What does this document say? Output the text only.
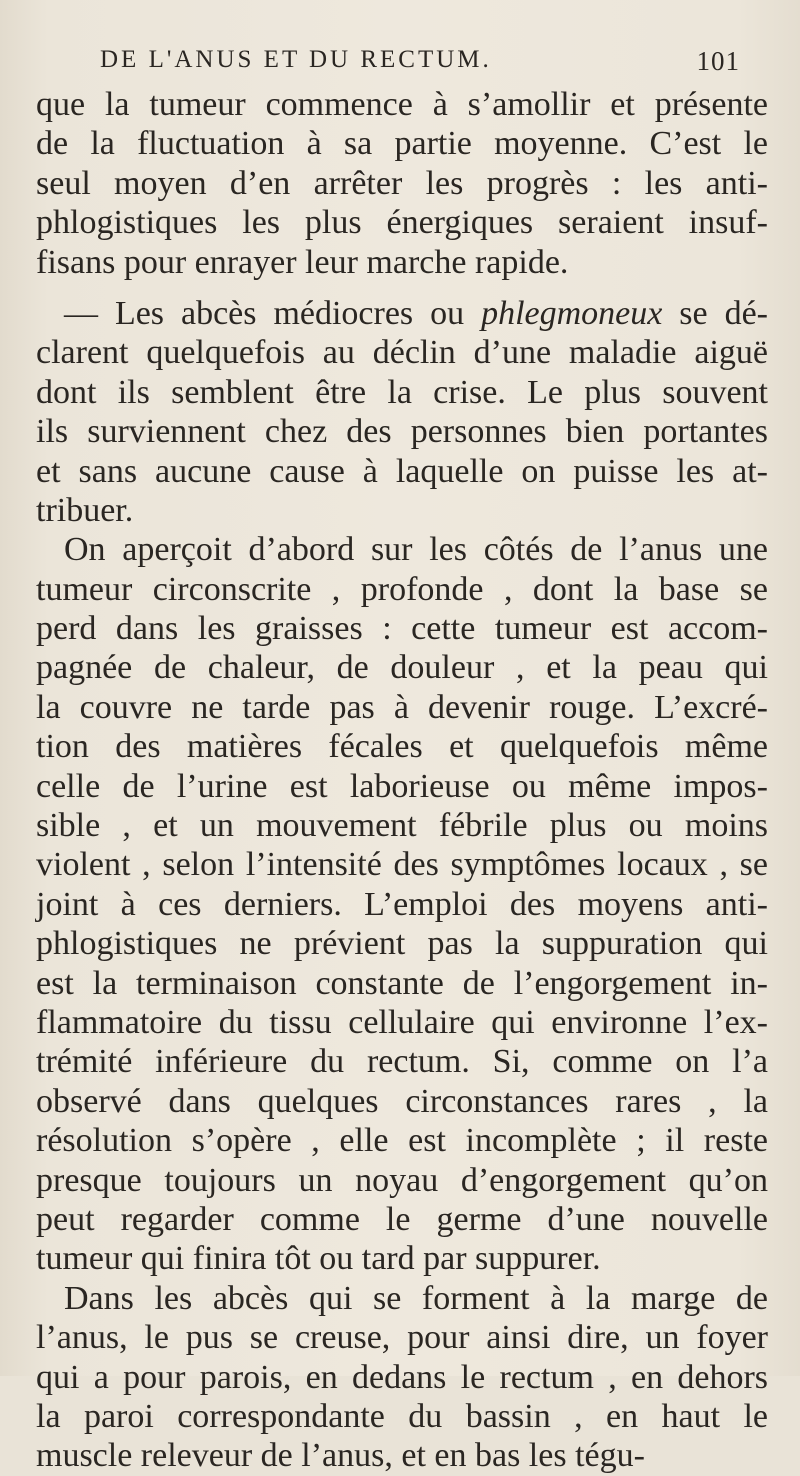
DE L'ANUS ET DU RECTUM.	101
que la tumeur commence à s’amollir et présente
de la fluctuation à sa partie moyenne. C’est le
seul moyen d’en arrêter les progrès : les anti-
phlogistiques les plus énergiques seraient insuf-
fisans pour enrayer leur marche rapide.
— Les abcès médiocres ou phlegmoneux se dé-
clarent quelquefois au déclin d’une maladie aiguë
dont ils semblent être la crise. Le plus souvent
ils surviennent chez des personnes bien portantes
et sans aucune cause à laquelle on puisse les at-
tribuer.
On aperçoit d’abord sur les côtés de l’anus une
tumeur circonscrite , profonde , dont la base se
perd dans les graisses : cette tumeur est accom-
pagnée de chaleur, de douleur , et la peau qui
la couvre ne tarde pas à devenir rouge. L’excré-
tion des matières fécales et quelquefois même
celle de l’urine est laborieuse ou même impos-
sible , et un mouvement fébrile plus ou moins
violent , selon l’intensité des symptômes locaux , se
joint à ces derniers. L’emploi des moyens anti-
phlogistiques ne prévient pas la suppuration qui
est la terminaison constante de l’engorgement in-
flammatoire du tissu cellulaire qui environne l’ex-
trémité inférieure du rectum. Si, comme on l’a
observé dans quelques circonstances rares , la
résolution s’opère , elle est incomplète ; il reste
presque toujours un noyau d’engorgement qu’on
peut regarder comme le germe d’une nouvelle
tumeur qui finira tôt ou tard par suppurer.
Dans les abcès qui se forment à la marge de
l’anus, le pus se creuse, pour ainsi dire, un foyer
qui a pour parois, en dedans le rectum , en dehors
la paroi correspondante du bassin , en haut le
muscle releveur de l’anus, et en bas les tégu-
